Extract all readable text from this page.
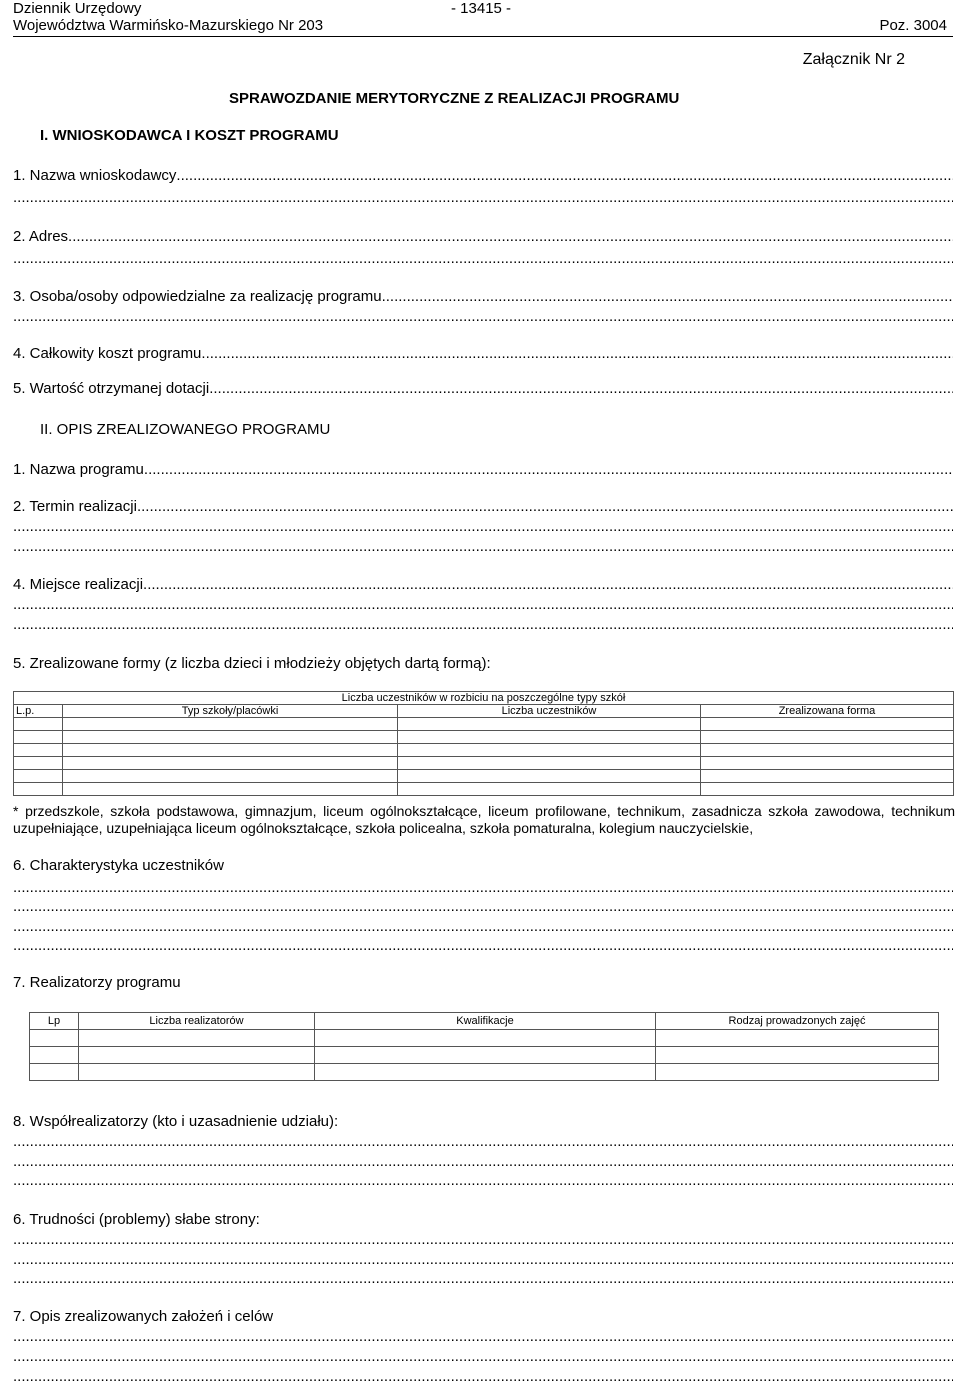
Dziennik Urzędowy
Województwa Warmińsko-Mazurskiego Nr 203
- 13415 -
Poz. 3004
Załącznik Nr 2
SPRAWOZDANIE MERYTORYCZNE Z REALIZACJI PROGRAMU
I. WNIOSKODAWCA I KOSZT PROGRAMU
1. Nazwa wnioskodawcy
.....
.....
2. Adres
.....
.....
3. Osoba/osoby odpowiedzialne za realizację programu
.....
.....
4. Całkowity koszt programu
.....
5. Wartość otrzymanej dotacji
.....
II. OPIS ZREALIZOWANEGO PROGRAMU
1. Nazwa programu
.....
2. Termin realizacji
.....
.....
.....
4. Miejsce realizacji
.....
.....
.....
5. Zrealizowane formy (z liczba dzieci i młodzieży objętych dartą formą):
Liczba uczestników w rozbiciu na poszczególne typy szkół			
L.p.	Typ szkoły/placówki	Liczba uczestników	Zrealizowana forma

* przedszkole, szkoła podstawowa, gimnazjum, liceum ogólnokształcące, liceum profilowane, technikum, zasadnicza szkoła zawodowa, technikum uzupełniające, uzupełniająca liceum ogólnokształcące, szkoła policealna, szkoła pomaturalna, kolegium nauczycielskie,
6. Charakterystyka uczestników
.....
.....
.....
.....
7. Realizatorzy programu
Lp	Liczba realizatorów	Kwalifikacje	Rodzaj prowadzonych zajęć

8. Współrealizatorzy (kto i uzasadnienie udziału):
.....
.....
.....
6. Trudności (problemy) słabe strony:
.....
.....
.....
7. Opis zrealizowanych założeń i celów
.....
.....
.....
